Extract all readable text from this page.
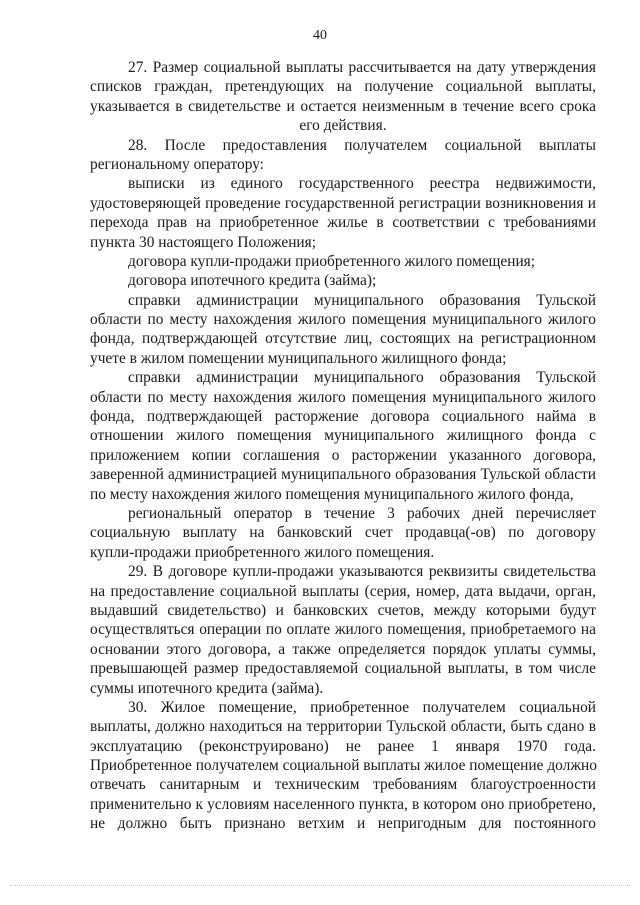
40
27. Размер социальной выплаты рассчитывается на дату утверждения
списков граждан, претендующих на получение социальной выплаты,
указывается в свидетельстве и остается неизменным в течение всего срока
его действия.
28. После предоставления получателем социальной выплаты
региональному оператору:
выписки из единого государственного реестра недвижимости,
удостоверяющей проведение государственной регистрации возникновения и
перехода прав на приобретенное жилье в соответствии с требованиями
пункта 30 настоящего Положения;
договора купли-продажи приобретенного жилого помещения;
договора ипотечного кредита (займа);
справки администрации муниципального образования Тульской
области по месту нахождения жилого помещения муниципального жилого
фонда, подтверждающей отсутствие лиц, состоящих на регистрационном
учете в жилом помещении муниципального жилищного фонда;
справки администрации муниципального образования Тульской
области по месту нахождения жилого помещения муниципального жилого
фонда, подтверждающей расторжение договора социального найма в
отношении жилого помещения муниципального жилищного фонда с
приложением копии соглашения о расторжении указанного договора,
заверенной администрацией муниципального образования Тульской области
по месту нахождения жилого помещения муниципального жилого фонда,
региональный оператор в течение 3 рабочих дней перечисляет
социальную выплату на банковский счет продавца(-ов) по договору
купли-продажи приобретенного жилого помещения.
29. В договоре купли-продажи указываются реквизиты свидетельства
на предоставление социальной выплаты (серия, номер, дата выдачи, орган,
выдавший свидетельство) и банковских счетов, между которыми будут
осуществляться операции по оплате жилого помещения, приобретаемого на
основании этого договора, а также определяется порядок уплаты суммы,
превышающей размер предоставляемой социальной выплаты, в том числе
суммы ипотечного кредита (займа).
30. Жилое помещение, приобретенное получателем социальной
выплаты, должно находиться на территории Тульской области, быть сдано в
эксплуатацию (реконструировано) не ранее 1 января 1970 года.
Приобретенное получателем социальной выплаты жилое помещение должно
отвечать санитарным и техническим требованиям благоустроенности
применительно к условиям населенного пункта, в котором оно приобретено,
не должно быть признано ветхим и непригодным для постоянного
